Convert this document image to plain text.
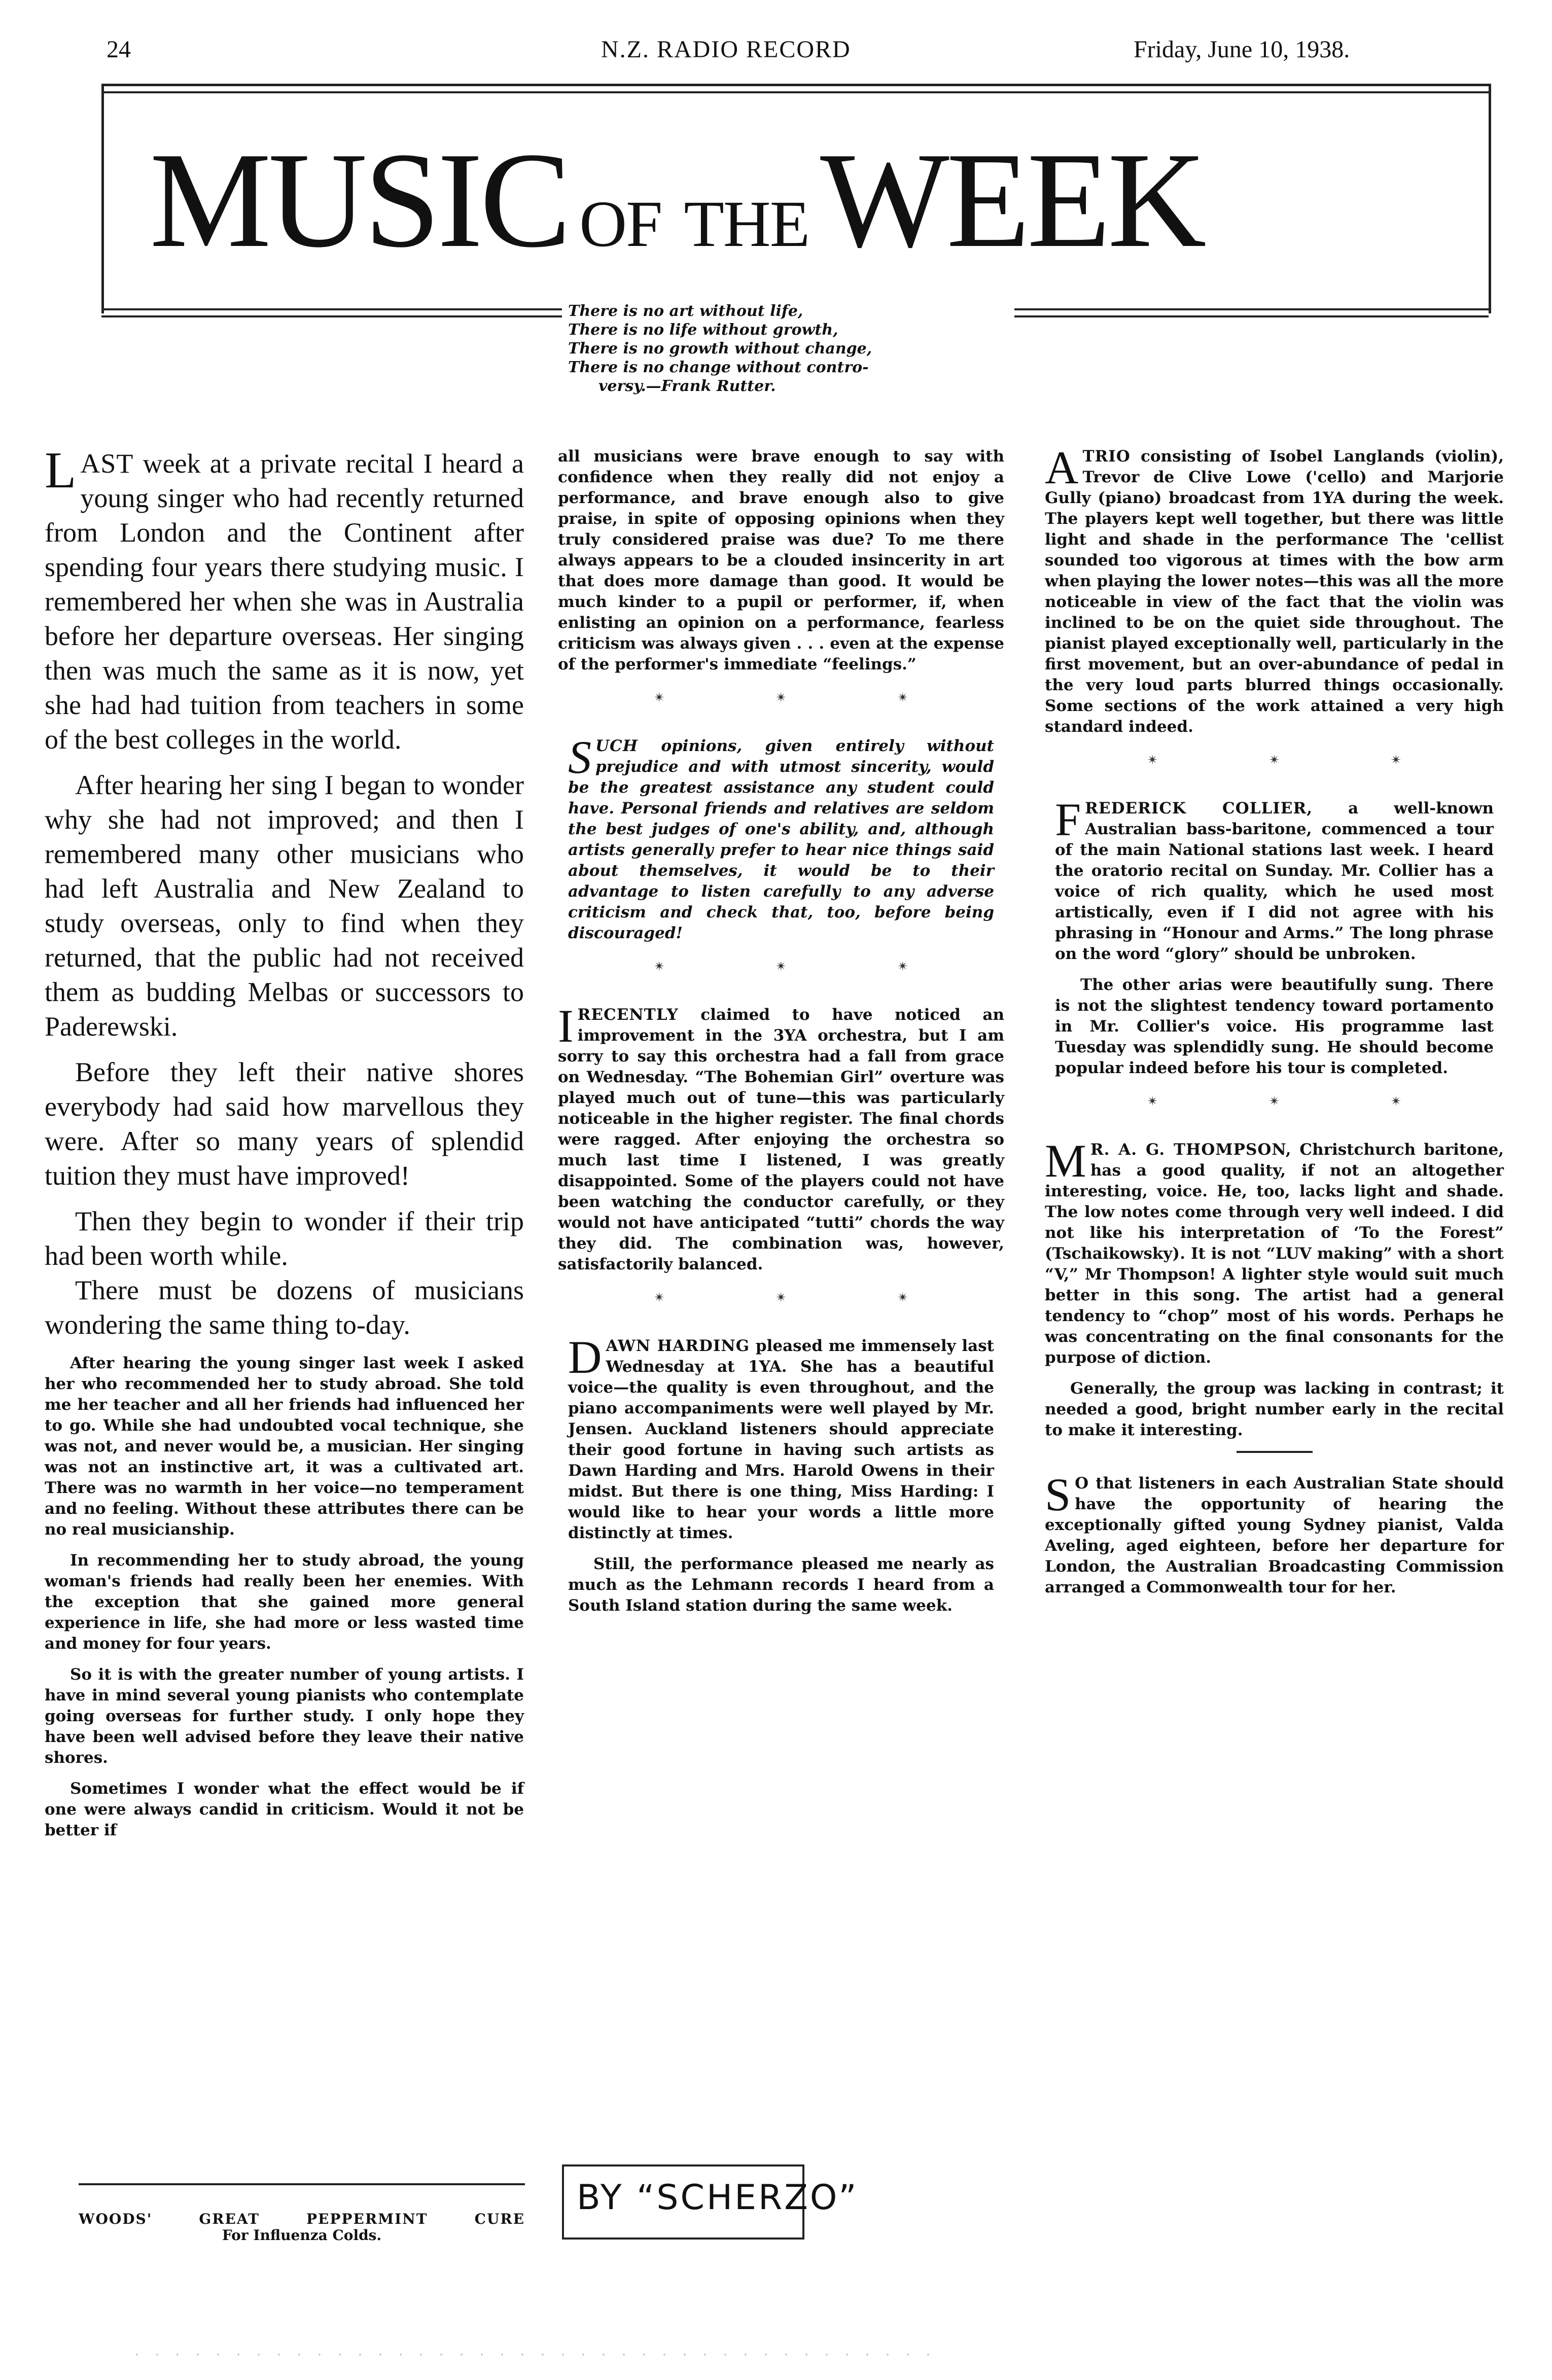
24	N.Z. RADIO RECORD	Friday, June 10, 1938.
MUSIC OF THEWEEK
There is no art without life,
There is no life without growth,
There is no growth without change,
There is no change without contro-
versy.—Frank Rutter.

LAST week at a private recital I heard a young singer who had recently returned from London and the Continent after spending four years there studying music. I remembered her when she was in Australia before her departure overseas. Her singing then was much the same as it is now, yet she had had tuition from teachers in some of the best colleges in the world.

After hearing her sing I began to wonder why she had not improved; and then I remembered many other musicians who had left Australia and New Zealand to study overseas, only to find when they returned, that the public had not received them as budding Melbas or successors to Paderewski.

Before they left their native shores everybody had said how marvellous they were. After so many years of splendid tuition they must have improved!

Then they begin to wonder if their trip had been worth while.

There must be dozens of musicians wondering the same thing to-day.

After hearing the young singer last week I asked her who recommended her to study abroad. She told me her teacher and all her friends had influenced her to go. While she had undoubted vocal technique, she was not, and never would be, a musician. Her singing was not an instinctive art, it was a cultivated art. There was no warmth in her voice—no temperament and no feeling. Without these attributes there can be no real musicianship.

In recommending her to study abroad, the young woman's friends had really been her enemies. With the exception that she gained more general experience in life, she had more or less wasted time and money for four years.

So it is with the greater number of young artists. I have in mind several young pianists who contemplate going overseas for further study. I only hope they have been well advised before they leave their native shores.

Sometimes I wonder what the effect would be if one were always candid in criticism. Would it not be better if

WOODS'	GREAT	PEPPERMINT	CURE
For Influenza Colds.

all musicians were brave enough to say with confidence when they really did not enjoy a performance, and brave enough also to give praise, in spite of opposing opinions when they truly considered praise was due? To me there always appears to be a clouded insincerity in art that does more damage than good. It would be much kinder to a pupil or performer, if, when enlisting an opinion on a performance, fearless criticism was always given . . . even at the expense of the performer's immediate “feelings.”

✴ ✴ ✴

SUCH opinions, given entirely without prejudice and with utmost sincerity, would be the greatest assistance any student could have. Personal friends and relatives are seldom the best judges of one's ability, and, although artists generally prefer to hear nice things said about themselves, it would be to their advantage to listen carefully to any adverse criticism and check that, too, before being discouraged!

✴ ✴ ✴

IRECENTLY claimed to have noticed an improvement in the 3YA orchestra, but I am sorry to say this orchestra had a fall from grace on Wednesday. “The Bohemian Girl” overture was played much out of tune—this was particularly noticeable in the higher register. The final chords were ragged. After enjoying the orchestra so much last time I listened, I was greatly disappointed. Some of the players could not have been watching the conductor carefully, or they would not have anticipated “tutti” chords the way they did. The combination was, however, satisfactorily balanced.

✴ ✴ ✴

DAWN HARDING pleased me immensely last Wednesday at 1YA. She has a beautiful voice—the quality is even throughout, and the piano accompaniments were well played by Mr. Jensen. Auckland listeners should appreciate their good fortune in having such artists as Dawn Harding and Mrs. Harold Owens in their midst. But there is one thing, Miss Harding: I would like to hear your words a little more distinctly at times.

Still, the performance pleased me nearly as much as the Lehmann records I heard from a South Island station during the same week.

BY “SCHERZO”

ATRIO consisting of Isobel Langlands (violin), Trevor de Clive Lowe ('cello) and Marjorie Gully (piano) broadcast from 1YA during the week. The players kept well together, but there was little light and shade in the performance The 'cellist sounded too vigorous at times with the bow arm when playing the lower notes—this was all the more noticeable in view of the fact that the violin was inclined to be on the quiet side throughout. The pianist played exceptionally well, particularly in the first movement, but an over-abundance of pedal in the very loud parts blurred things occasionally. Some sections of the work attained a very high standard indeed.

✴ ✴ ✴

FREDERICK COLLIER, a well-known Australian bass-baritone, commenced a tour of the main National stations last week. I heard the oratorio recital on Sunday. Mr. Collier has a voice of rich quality, which he used most artistically, even if I did not agree with his phrasing in “Honour and Arms.” The long phrase on the word “glory” should be unbroken.

The other arias were beautifully sung. There is not the slightest tendency toward portamento in Mr. Collier's voice. His programme last Tuesday was splendidly sung. He should become popular indeed before his tour is completed.

✴ ✴ ✴

M R. A. G. THOMPSON, Christchurch baritone, has a good quality, if not an altogether interesting, voice. He, too, lacks light and shade. The low notes come through very well indeed. I did not like his interpretation of ‘To the Forest” (Tschaikowsky). It is not “LUV making” with a short “V,” Mr Thompson! A lighter style would suit much better in this song. The artist had a general tendency to “chop” most of his words. Perhaps he was concentrating on the final consonants for the purpose of diction.

Generally, the group was lacking in contrast; it needed a good, bright number early in the recital to make it interesting.

S O that listeners in each Australian State should have the opportunity of hearing the exceptionally gifted young Sydney pianist, Valda Aveling, aged eighteen, before her departure for London, the Australian Broadcasting Commission arranged a Commonwealth tour for her.
